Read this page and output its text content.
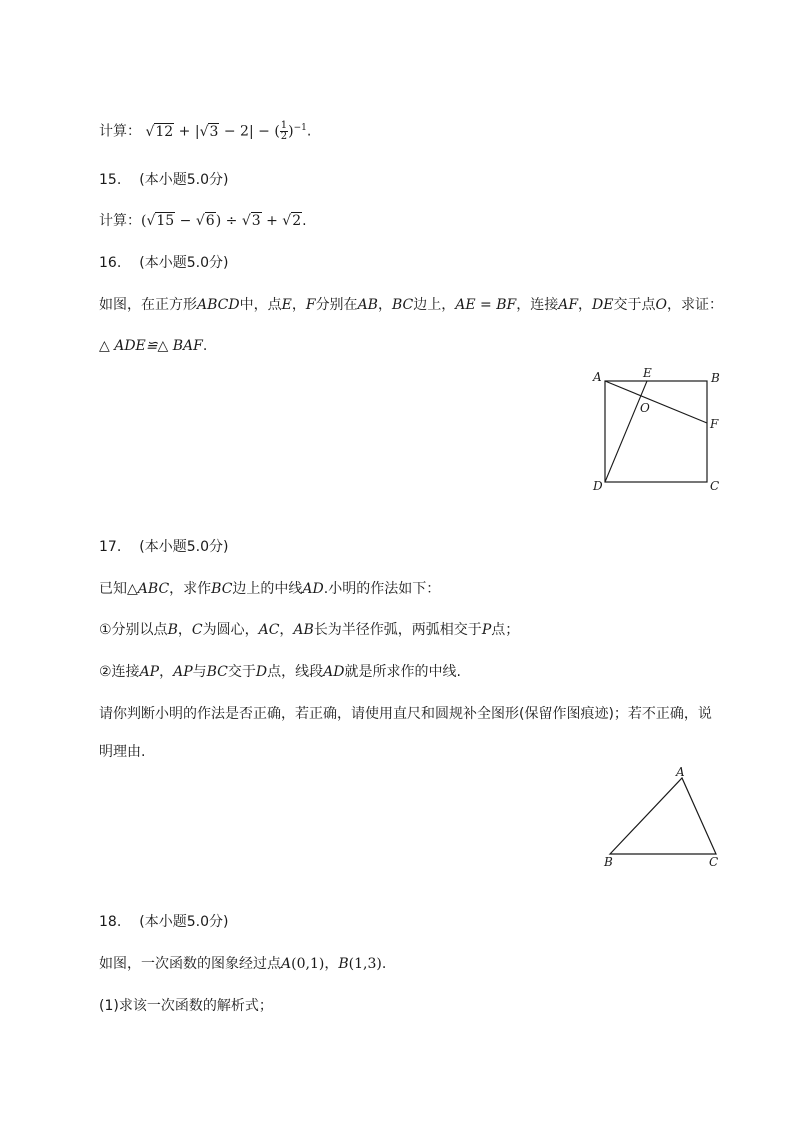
计算： √12 + |√3 − 2| − ( $\frac{1}{2} )^{-1}$.
15. (本小题5.0分)
计算：(√15 − √6) ÷ √3 + √2.
16. (本小题5.0分)
如图，在正方形ABCD中，点E，F分别在AB，BC边上，AE = BF，连接AF，DE交于点O，求证：
△ ADE≌△ BAF.
A	E	B
O
F
D	C
17. (本小题5.0分)
已知△ABC，求作BC边上的中线AD.小明的作法如下：
①分别以点B，C为圆心，AC，AB长为半径作弧，两弧相交于P点；
②连接AP，AP与BC交于D点，线段AD就是所求作的中线.
请你判断小明的作法是否正确，若正确，请使用直尺和圆规补全图形(保留作图痕迹)；若不正确，说
明理由.
A
B	C
18. (本小题5.0分)
如图，一次函数的图象经过点A(0,1)，B(1,3).
(1)求该一次函数的解析式；
